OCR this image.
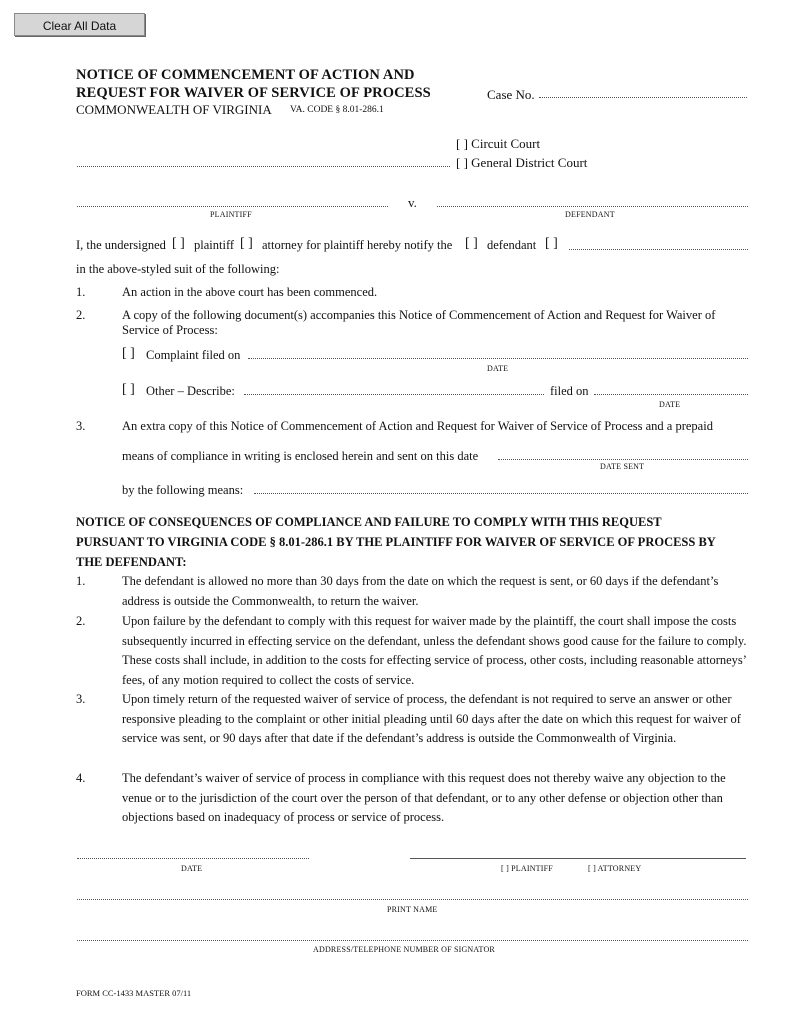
Clear All Data
NOTICE OF COMMENCEMENT OF ACTION AND
REQUEST FOR WAIVER OF SERVICE OF PROCESS
COMMONWEALTH OF VIRGINIA VA. CODE § 8.01-286.1
Case No.
[ ] Circuit Court
[ ] General District Court
v.
PLAINTIFF	DEFENDANT
I, the undersigned [ ] plaintiff [ ] attorney for plaintiff hereby notify the [ ] defendant [ ]
in the above-styled suit of the following:
1.	An action in the above court has been commenced.
2.	A copy of the following document(s) accompanies this Notice of Commencement of Action and Request for Waiver of
Service of Process:
[ ] Complaint filed on
DATE
[ ] Other – Describe:	filed on
DATE
3.	An extra copy of this Notice of Commencement of Action and Request for Waiver of Service of Process and a prepaid
means of compliance in writing is enclosed herein and sent on this date
DATE SENT
by the following means:
NOTICE OF CONSEQUENCES OF COMPLIANCE AND FAILURE TO COMPLY WITH THIS REQUEST
PURSUANT TO VIRGINIA CODE § 8.01-286.1 BY THE PLAINTIFF FOR WAIVER OF SERVICE OF PROCESS BY
THE DEFENDANT:
1.	The defendant is allowed no more than 30 days from the date on which the request is sent, or 60 days if the defendant’s address is outside the Commonwealth, to return the waiver.
2.	Upon failure by the defendant to comply with this request for waiver made by the plaintiff, the court shall impose the costs subsequently incurred in effecting service on the defendant, unless the defendant shows good cause for the failure to comply. These costs shall include, in addition to the costs for effecting service of process, other costs, including reasonable attorneys’ fees, of any motion required to collect the costs of service.
3.	Upon timely return of the requested waiver of service of process, the defendant is not required to serve an answer or other responsive pleading to the complaint or other initial pleading until 60 days after the date on which this request for waiver of service was sent, or 90 days after that date if the defendant’s address is outside the Commonwealth of Virginia.
4.	The defendant’s waiver of service of process in compliance with this request does not thereby waive any objection to the venue or to the jurisdiction of the court over the person of that defendant, or to any other defense or objection other than objections based on inadequacy of process or service of process.
DATE	[ ] PLAINTIFF	[ ] ATTORNEY
PRINT NAME
ADDRESS/TELEPHONE NUMBER OF SIGNATOR
FORM CC-1433 MASTER 07/11
